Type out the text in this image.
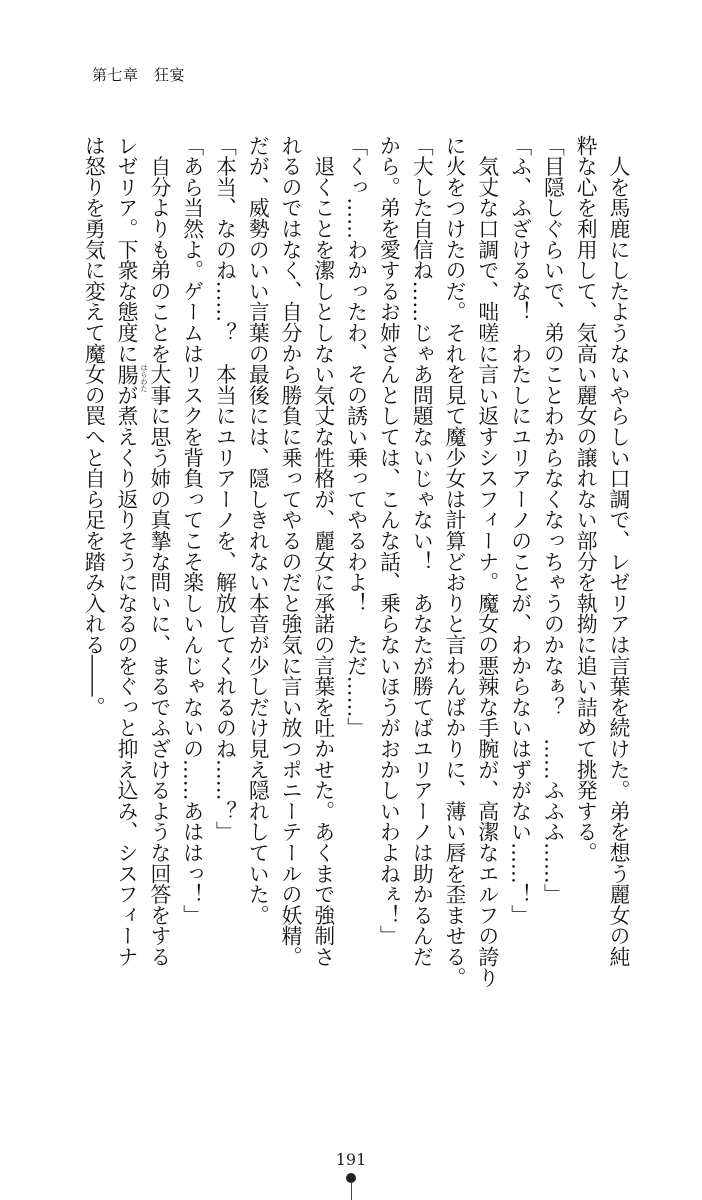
第七章　狂宴
　人を馬鹿にしたようないやらしい口調で、レゼリアは言葉を続けた。弟を想う麗女の純
粋な心を利用して、気高い麗女の譲れない部分を執拗に追い詰めて挑発する。
「目隠しぐらいで、弟のことわからなくなっちゃうのかなぁ？　……ふふふ……」
「ふ、ふざけるな！　わたしにユリアーノのことが、わからないはずがない……！」
　気丈な口調で、咄嗟に言い返すシスフィーナ。魔女の悪辣な手腕が、高潔なエルフの誇り
に火をつけたのだ。それを見て魔少女は計算どおりと言わんばかりに、薄い唇を歪ませる。
「大した自信ね……じゃあ問題ないじゃない！　あなたが勝てばユリアーノは助かるんだ
から。弟を愛するお姉さんとしては、こんな話、乗らないほうがおかしいわよねぇ！」
「くっ……わかったわ、その誘い乗ってやるわよ！　ただ……」
　退くことを潔しとしない気丈な性格が、麗女に承諾の言葉を吐かせた。あくまで強制さ
れるのではなく、自分から勝負に乗ってやるのだと強気に言い放つポニーテールの妖精。
だが、威勢のいい言葉の最後には、隠しきれない本音が少しだけ見え隠れしていた。
「本当、なのね……？　本当にユリアーノを、解放してくれるのね……？」
「あら当然よ。ゲームはリスクを背負ってこそ楽しいんじゃないの……あははっ！」
　自分よりも弟のことを大事に思う姉の真摯な問いに、まるでふざけるような回答をする
レゼリア。下衆な態度に腸 はらわた
が煮えくり返りそうになるのをぐっと抑え込み、シスフィーナ
は怒りを勇気に変えて魔女の罠へと自ら足を踏み入れる――。
191
